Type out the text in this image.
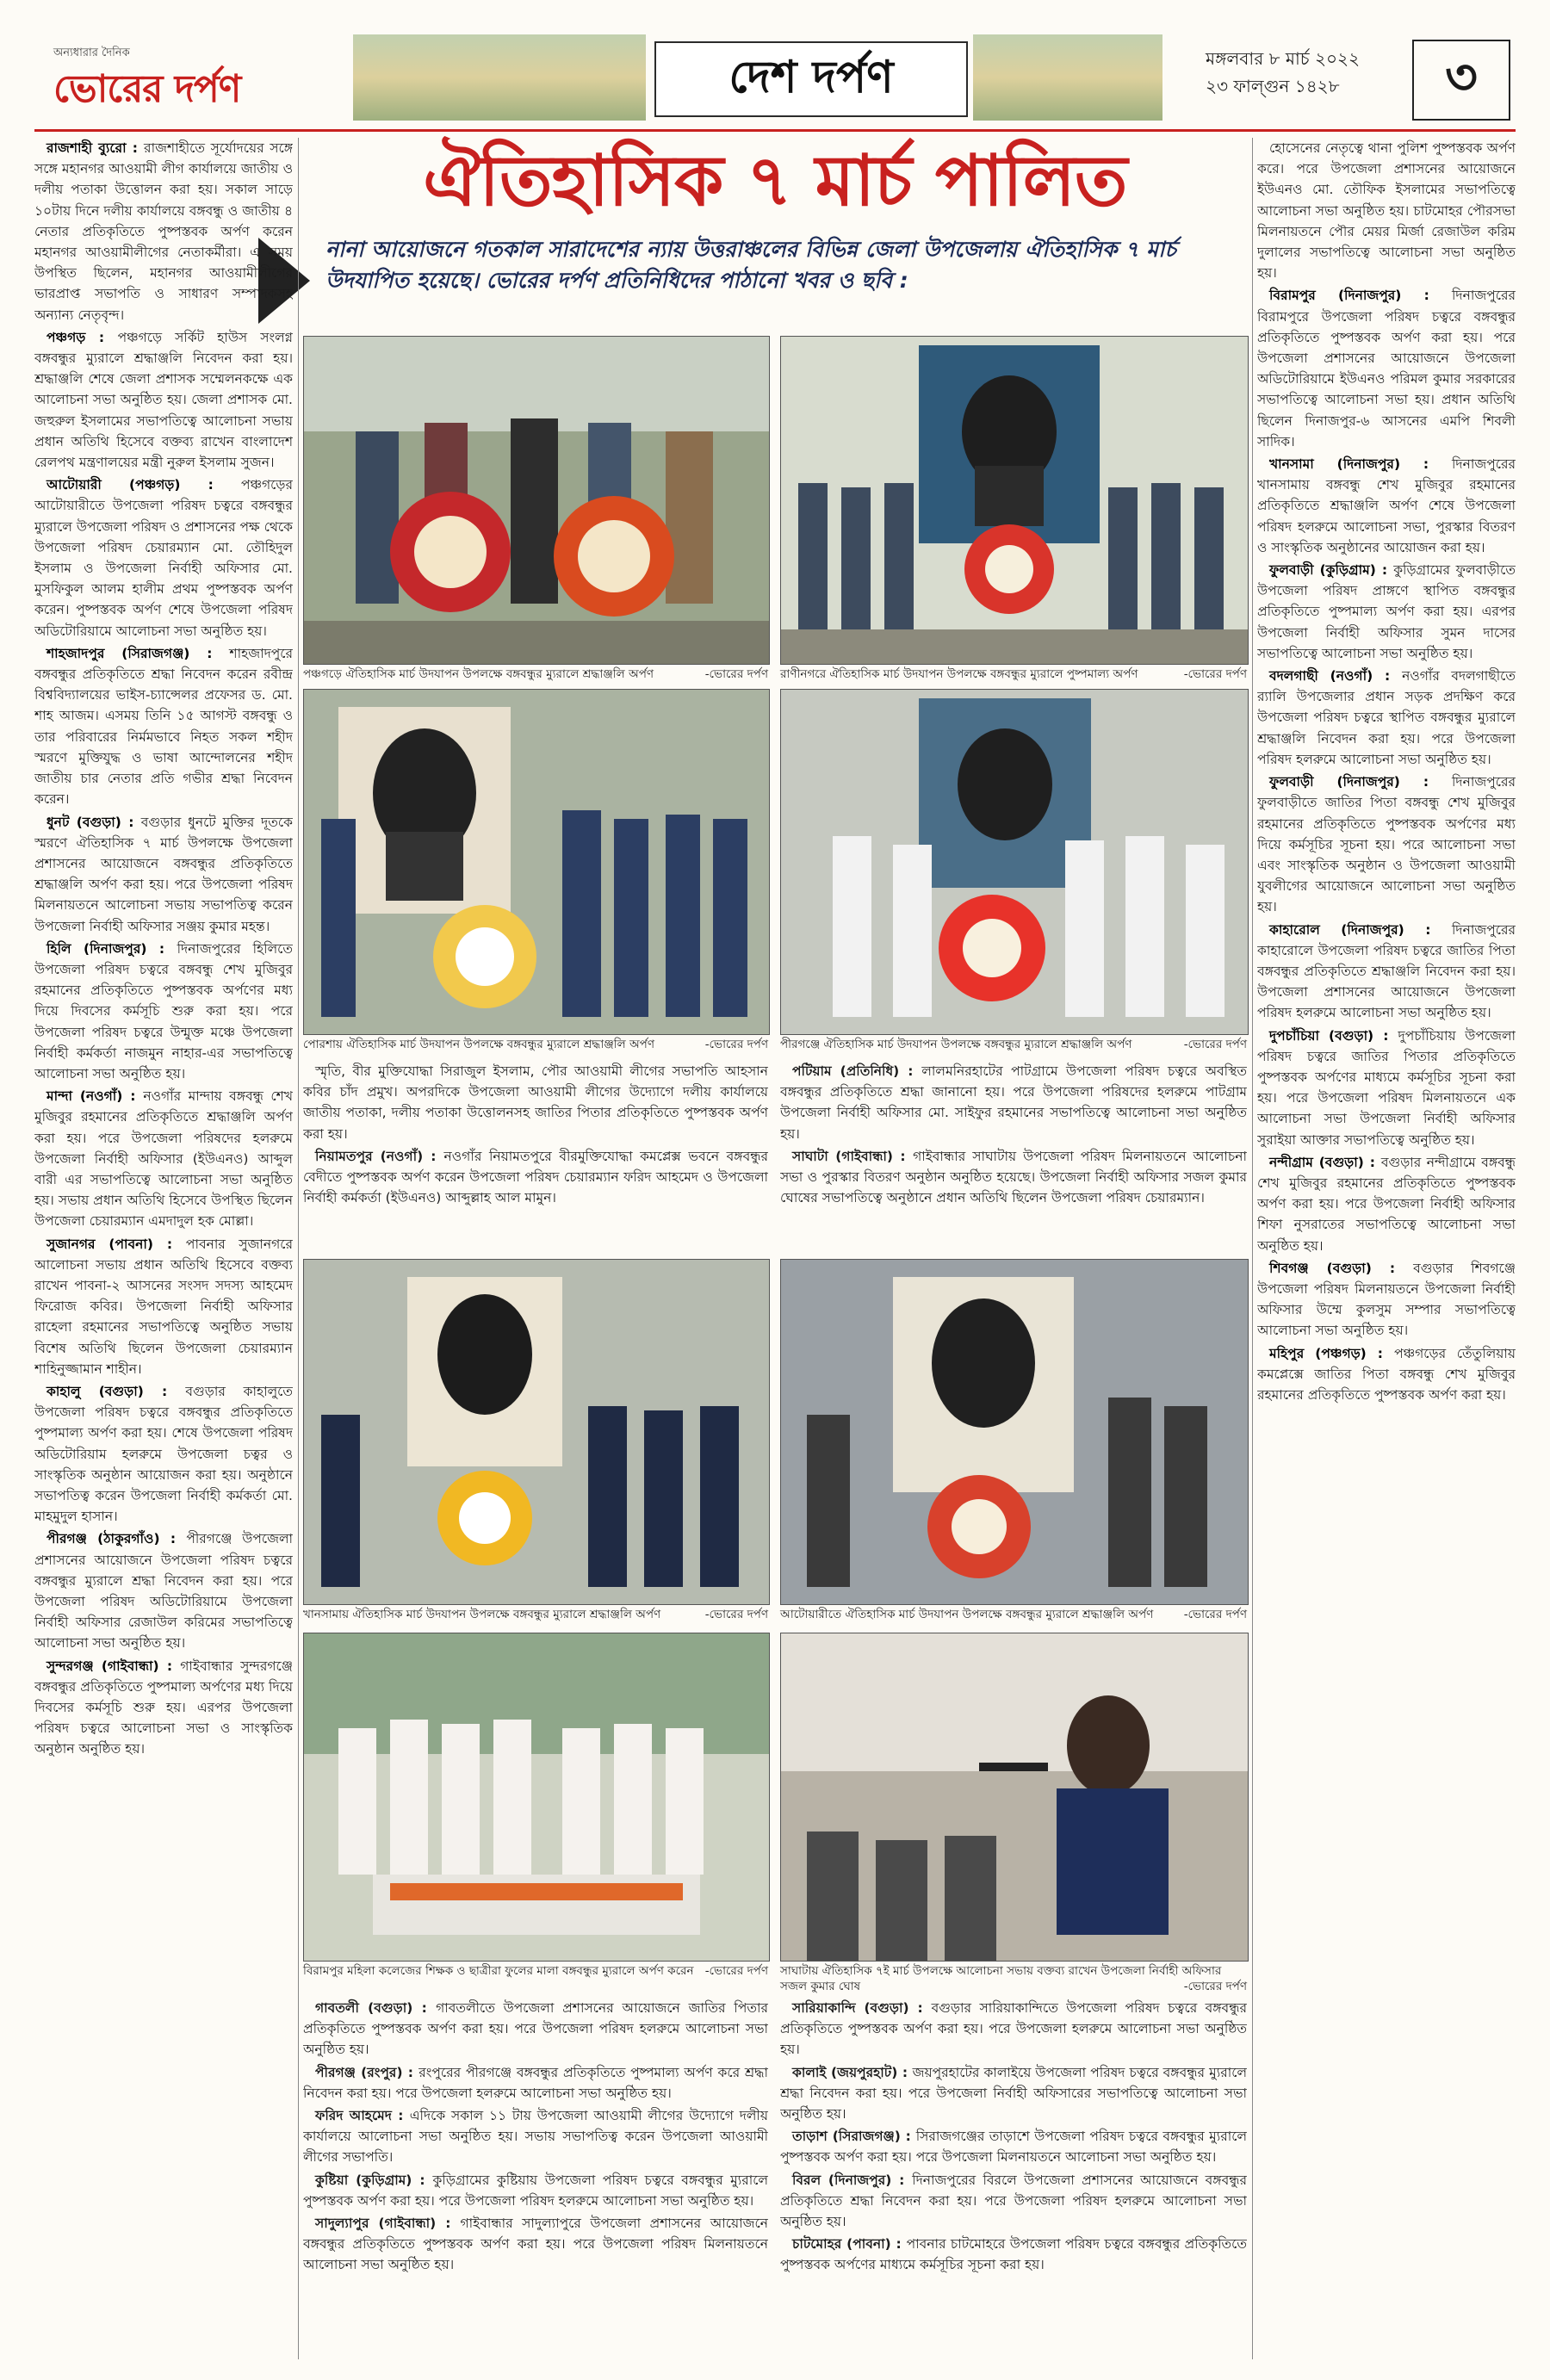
অন্যধারার দৈনিক
ভোরের দর্পণ	দেশ দর্পণ	মঙ্গলবার ৮ মার্চ ২০২২
২৩ ফাল্গুন ১৪২৮	৩
ঐতিহাসিক ৭ মার্চ পালিত

নানা আয়োজনে গতকাল সারাদেশের ন্যায় উত্তরাঞ্চলের বিভিন্ন জেলা উপজেলায় ঐতিহাসিক ৭ মার্চ উদযাপিত হয়েছে। ভোরের দর্পণ প্রতিনিধিদের পাঠানো খবর ও ছবি :

রাজশাহী ব্যুরো : রাজশাহীতে সূর্যোদয়ের সঙ্গে সঙ্গে মহানগর আওয়ামী লীগ কার্যালয়ে জাতীয় ও দলীয় পতাকা উত্তোলন করা হয়। সকাল সাড়ে ১০টায় দিনে দলীয় কার্যালয়ে বঙ্গবন্ধু ও জাতীয় ৪ নেতার প্রতিকৃতিতে পুষ্পস্তবক অর্পণ করেন মহানগর আওয়ামীলীগের নেতাকর্মীরা। এ সময় উপস্থিত ছিলেন, মহানগর আওয়ামীলীগের ভারপ্রাপ্ত সভাপতি ও সাধারণ সম্পাদকসহ অন্যান্য নেতৃবৃন্দ।

পঞ্চগড় : পঞ্চগড়ে সর্কিট হাউস সংলগ্ন বঙ্গবন্ধুর ম্যুরালে শ্রদ্ধাঞ্জলি নিবেদন করা হয়। শ্রদ্ধাঞ্জলি শেষে জেলা প্রশাসক সম্মেলনকক্ষে এক আলোচনা সভা অনুষ্ঠিত হয়। জেলা প্রশাসক মো. জহুরুল ইসলামের সভাপতিত্বে আলোচনা সভায় প্রধান অতিথি হিসেবে বক্তব্য রাখেন বাংলাদেশ রেলপথ মন্ত্রণালয়ের মন্ত্রী নুরুল ইসলাম সুজন।

আটোয়ারী (পঞ্চগড়) : পঞ্চগড়ের আটোয়ারীতে উপজেলা পরিষদ চত্বরে বঙ্গবন্ধুর ম্যুরালে উপজেলা পরিষদ ও প্রশাসনের পক্ষ থেকে উপজেলা পরিষদ চেয়ারম্যান মো. তৌহিদুল ইসলাম ও উপজেলা নির্বাহী অফিসার মো. মুসফিকুল আলম হালীম প্রথম পুষ্পস্তবক অর্পণ করেন। পুষ্পস্তবক অর্পণ শেষে উপজেলা পরিষদ অডিটোরিয়ামে আলোচনা সভা অনুষ্ঠিত হয়।

শাহজাদপুর (সিরাজগঞ্জ) : শাহজাদপুরে বঙ্গবন্ধুর প্রতিকৃতিতে শ্রদ্ধা নিবেদন করেন রবীন্দ্র বিশ্ববিদ্যালয়ের ভাইস-চ্যান্সেলর প্রফেসর ড. মো. শাহ আজম। এসময় তিনি ১৫ আগস্ট বঙ্গবন্ধু ও তার পরিবারের নির্মমভাবে নিহত সকল শহীদ স্মরণে মুক্তিযুদ্ধ ও ভাষা আন্দোলনের শহীদ জাতীয় চার নেতার প্রতি গভীর শ্রদ্ধা নিবেদন করেন।

ধুনট (বগুড়া) : বগুড়ার ধুনটে মুক্তির দূতকে স্মরণে ঐতিহাসিক ৭ মার্চ উপলক্ষে উপজেলা প্রশাসনের আয়োজনে বঙ্গবন্ধুর প্রতিকৃতিতে শ্রদ্ধাঞ্জলি অর্পণ করা হয়। পরে উপজেলা পরিষদ মিলনায়তনে আলোচনা সভায় সভাপতিত্ব করেন উপজেলা নির্বাহী অফিসার সঞ্জয় কুমার মহন্ত।

হিলি (দিনাজপুর) : দিনাজপুরের হিলিতে উপজেলা পরিষদ চত্বরে বঙ্গবন্ধু শেখ মুজিবুর রহমানের প্রতিকৃতিতে পুষ্পস্তবক অর্পণের মধ্য দিয়ে দিবসের কর্মসূচি শুরু করা হয়। পরে উপজেলা পরিষদ চত্বরে উন্মুক্ত মঞ্চে উপজেলা নির্বাহী কর্মকর্তা নাজমুন নাহার-এর সভাপতিত্বে আলোচনা সভা অনুষ্ঠিত হয়।

মান্দা (নওগাঁ) : নওগাঁর মান্দায় বঙ্গবন্ধু শেখ মুজিবুর রহমানের প্রতিকৃতিতে শ্রদ্ধাঞ্জলি অর্পণ করা হয়। পরে উপজেলা পরিষদের হলরুমে উপজেলা নির্বাহী অফিসার (ইউএনও) আব্দুল বারী এর সভাপতিত্বে আলোচনা সভা অনুষ্ঠিত হয়। সভায় প্রধান অতিথি হিসেবে উপস্থিত ছিলেন উপজেলা চেয়ারম্যান এমদাদুল হক মোল্লা।

সুজানগর (পাবনা) : পাবনার সুজানগরে আলোচনা সভায় প্রধান অতিথি হিসেবে বক্তব্য রাখেন পাবনা-২ আসনের সংসদ সদস্য আহমেদ ফিরোজ কবির। উপজেলা নির্বাহী অফিসার রাহেলা রহমানের সভাপতিত্বে অনুষ্ঠিত সভায় বিশেষ অতিথি ছিলেন উপজেলা চেয়ারম্যান শাহিনুজ্জামান শাহীন।

কাহালু (বগুড়া) : বগুড়ার কাহালুতে উপজেলা পরিষদ চত্বরে বঙ্গবন্ধুর প্রতিকৃতিতে পুষ্পমাল্য অর্পণ করা হয়। শেষে উপজেলা পরিষদ অডিটোরিয়াম হলরুমে উপজেলা চত্বর ও সাংস্কৃতিক অনুষ্ঠান আয়োজন করা হয়। অনুষ্ঠানে সভাপতিত্ব করেন উপজেলা নির্বাহী কর্মকর্তা মো. মাহমুদুল হাসান।

পীরগঞ্জ (ঠাকুরগাঁও) : পীরগঞ্জে উপজেলা প্রশাসনের আয়োজনে উপজেলা পরিষদ চত্বরে বঙ্গবন্ধুর ম্যুরালে শ্রদ্ধা নিবেদন করা হয়। পরে উপজেলা পরিষদ অডিটোরিয়ামে উপজেলা নির্বাহী অফিসার রেজাউল করিমের সভাপতিত্বে আলোচনা সভা অনুষ্ঠিত হয়।

সুন্দরগঞ্জ (গাইবান্ধা) : গাইবান্ধার সুন্দরগঞ্জে বঙ্গবন্ধুর প্রতিকৃতিতে পুষ্পমাল্য অর্পণের মধ্য দিয়ে দিবসের কর্মসূচি শুরু হয়। এরপর উপজেলা পরিষদ চত্বরে আলোচনা সভা ও সাংস্কৃতিক অনুষ্ঠান অনুষ্ঠিত হয়।

হোসেনের নেতৃত্বে থানা পুলিশ পুষ্পস্তবক অর্পণ করে। পরে উপজেলা প্রশাসনের আয়োজনে ইউএনও মো. তৌফিক ইসলামের সভাপতিত্বে আলোচনা সভা অনুষ্ঠিত হয়। চাটমোহর পৌরসভা মিলনায়তনে পৌর মেয়র মির্জা রেজাউল করিম দুলালের সভাপতিত্বে আলোচনা সভা অনুষ্ঠিত হয়।

বিরামপুর (দিনাজপুর) : দিনাজপুরের বিরামপুরে উপজেলা পরিষদ চত্বরে বঙ্গবন্ধুর প্রতিকৃতিতে পুষ্পস্তবক অর্পণ করা হয়। পরে উপজেলা প্রশাসনের আয়োজনে উপজেলা অডিটোরিয়ামে ইউএনও পরিমল কুমার সরকারের সভাপতিত্বে আলোচনা সভা হয়। প্রধান অতিথি ছিলেন দিনাজপুর-৬ আসনের এমপি শিবলী সাদিক।

খানসামা (দিনাজপুর) : দিনাজপুরের খানসামায় বঙ্গবন্ধু শেখ মুজিবুর রহমানের প্রতিকৃতিতে শ্রদ্ধাঞ্জলি অর্পণ শেষে উপজেলা পরিষদ হলরুমে আলোচনা সভা, পুরস্কার বিতরণ ও সাংস্কৃতিক অনুষ্ঠানের আয়োজন করা হয়।

ফুলবাড়ী (কুড়িগ্রাম) : কুড়িগ্রামের ফুলবাড়ীতে উপজেলা পরিষদ প্রাঙ্গণে স্থাপিত বঙ্গবন্ধুর প্রতিকৃতিতে পুষ্পমাল্য অর্পণ করা হয়। এরপর উপজেলা নির্বাহী অফিসার সুমন দাসের সভাপতিত্বে আলোচনা সভা অনুষ্ঠিত হয়।

বদলগাছী (নওগাঁ) : নওগাঁর বদলগাছীতে র‍্যালি উপজেলার প্রধান সড়ক প্রদক্ষিণ করে উপজেলা পরিষদ চত্বরে স্থাপিত বঙ্গবন্ধুর ম্যুরালে শ্রদ্ধাঞ্জলি নিবেদন করা হয়। পরে উপজেলা পরিষদ হলরুমে আলোচনা সভা অনুষ্ঠিত হয়।

ফুলবাড়ী (দিনাজপুর) : দিনাজপুরের ফুলবাড়ীতে জাতির পিতা বঙ্গবন্ধু শেখ মুজিবুর রহমানের প্রতিকৃতিতে পুষ্পস্তবক অর্পণের মধ্য দিয়ে কর্মসূচির সূচনা হয়। পরে আলোচনা সভা এবং সাংস্কৃতিক অনুষ্ঠান ও উপজেলা আওয়ামী যুবলীগের আয়োজনে আলোচনা সভা অনুষ্ঠিত হয়।

কাহারোল (দিনাজপুর) : দিনাজপুরের কাহারোলে উপজেলা পরিষদ চত্বরে জাতির পিতা বঙ্গবন্ধুর প্রতিকৃতিতে শ্রদ্ধাঞ্জলি নিবেদন করা হয়। উপজেলা প্রশাসনের আয়োজনে উপজেলা পরিষদ হলরুমে আলোচনা সভা অনুষ্ঠিত হয়।

দুপচাঁচিয়া (বগুড়া) : দুপচাঁচিয়ায় উপজেলা পরিষদ চত্বরে জাতির পিতার প্রতিকৃতিতে পুষ্পস্তবক অর্পণের মাধ্যমে কর্মসূচির সূচনা করা হয়। পরে উপজেলা পরিষদ মিলনায়তনে এক আলোচনা সভা উপজেলা নির্বাহী অফিসার সুরাইয়া আক্তার সভাপতিত্বে অনুষ্ঠিত হয়।

নন্দীগ্রাম (বগুড়া) : বগুড়ার নন্দীগ্রামে বঙ্গবন্ধু শেখ মুজিবুর রহমানের প্রতিকৃতিতে পুষ্পস্তবক অর্পণ করা হয়। পরে উপজেলা নির্বাহী অফিসার শিফা নুসরাতের সভাপতিত্বে আলোচনা সভা অনুষ্ঠিত হয়।

শিবগঞ্জ (বগুড়া) : বগুড়ার শিবগঞ্জে উপজেলা পরিষদ মিলনায়তনে উপজেলা নির্বাহী অফিসার উম্মে কুলসুম সম্পার সভাপতিত্বে আলোচনা সভা অনুষ্ঠিত হয়।

মহিপুর (পঞ্চগড়) : পঞ্চগড়ের তেঁতুলিয়ায় কমপ্লেক্সে জাতির পিতা বঙ্গবন্ধু শেখ মুজিবুর রহমানের প্রতিকৃতিতে পুষ্পস্তবক অর্পণ করা হয়।

পঞ্চগড়ে ঐতিহাসিক মার্চ উদযাপন উপলক্ষে বঙ্গবন্ধুর ম্যুরালে শ্রদ্ধাঞ্জলি অর্পণ	-ভোরের দর্পণ রাণীনগরে ঐতিহাসিক মার্চ উদযাপন উপলক্ষে বঙ্গবন্ধুর ম্যুরালে পুষ্পমাল্য অর্পণ	-ভোরের দর্পণ
পোরশায় ঐতিহাসিক মার্চ উদযাপন উপলক্ষে বঙ্গবন্ধুর ম্যুরালে শ্রদ্ধাঞ্জলি অর্পণ	-ভোরের দর্পণ পীরগঞ্জে ঐতিহাসিক মার্চ উদযাপন উপলক্ষে বঙ্গবন্ধুর ম্যুরালে শ্রদ্ধাঞ্জলি অর্পণ	-ভোরের দর্পণ

স্মৃতি, বীর মুক্তিযোদ্ধা সিরাজুল ইসলাম, পৌর আওয়ামী লীগের সভাপতি আহসান কবির চাঁদ প্রমুখ। অপরদিকে উপজেলা আওয়ামী লীগের উদ্যোগে দলীয় কার্যালয়ে জাতীয় পতাকা, দলীয় পতাকা উত্তোলনসহ জাতির পিতার প্রতিকৃতিতে পুষ্পস্তবক অর্পণ করা হয়।

নিয়ামতপুর (নওগাঁ) : নওগাঁর নিয়ামতপুরে বীরমুক্তিযোদ্ধা কমপ্লেক্স ভবনে বঙ্গবন্ধুর বেদীতে পুষ্পস্তবক অর্পণ করেন উপজেলা পরিষদ চেয়ারম্যান ফরিদ আহমেদ ও উপজেলা নির্বাহী কর্মকর্তা (ইউএনও) আব্দুল্লাহ আল মামুন।

পটিয়াম (প্রতিনিধি) : লালমনিরহাটের পাটগ্রামে উপজেলা পরিষদ চত্বরে অবস্থিত বঙ্গবন্ধুর প্রতিকৃতিতে শ্রদ্ধা জানানো হয়। পরে উপজেলা পরিষদের হলরুমে পাটগ্রাম উপজেলা নির্বাহী অফিসার মো. সাইফুর রহমানের সভাপতিত্বে আলোচনা সভা অনুষ্ঠিত হয়।

সাঘাটা (গাইবান্ধা) : গাইবান্ধার সাঘাটায় উপজেলা পরিষদ মিলনায়তনে আলোচনা সভা ও পুরস্কার বিতরণ অনুষ্ঠান অনুষ্ঠিত হয়েছে। উপজেলা নির্বাহী অফিসার সজল কুমার ঘোষের সভাপতিত্বে অনুষ্ঠানে প্রধান অতিথি ছিলেন উপজেলা পরিষদ চেয়ারম্যান।

খানসামায় ঐতিহাসিক মার্চ উদযাপন উপলক্ষে বঙ্গবন্ধুর ম্যুরালে শ্রদ্ধাঞ্জলি অর্পণ	-ভোরের দর্পণ আটোয়ারীতে ঐতিহাসিক মার্চ উদযাপন উপলক্ষে বঙ্গবন্ধুর ম্যুরালে শ্রদ্ধাঞ্জলি অর্পণ	-ভোরের দর্পণ
বিরামপুর মহিলা কলেজের শিক্ষক ও ছাত্রীরা ফুলের মালা বঙ্গবন্ধুর ম্যুরালে অর্পণ করেন -ভোরের দর্পণ সাঘাটায় ঐতিহাসিক ৭ই মার্চ উপলক্ষে আলোচনা সভায় বক্তব্য রাখেন উপজেলা নির্বাহী অফিসার সজল কুমার ঘোষ	-ভোরের দর্পণ

গাবতলী (বগুড়া) : গাবতলীতে উপজেলা প্রশাসনের আয়োজনে জাতির পিতার প্রতিকৃতিতে পুষ্পস্তবক অর্পণ করা হয়। পরে উপজেলা পরিষদ হলরুমে আলোচনা সভা অনুষ্ঠিত হয়।

পীরগঞ্জ (রংপুর) : রংপুরের পীরগঞ্জে বঙ্গবন্ধুর প্রতিকৃতিতে পুষ্পমাল্য অর্পণ করে শ্রদ্ধা নিবেদন করা হয়। পরে উপজেলা হলরুমে আলোচনা সভা অনুষ্ঠিত হয়।

ফরিদ আহমেদ : এদিকে সকাল ১১ টায় উপজেলা আওয়ামী লীগের উদ্যোগে দলীয় কার্যালয়ে আলোচনা সভা অনুষ্ঠিত হয়। সভায় সভাপতিত্ব করেন উপজেলা আওয়ামী লীগের সভাপতি।

কুষ্টিয়া (কুড়িগ্রাম) : কুড়িগ্রামের কুষ্টিয়ায় উপজেলা পরিষদ চত্বরে বঙ্গবন্ধুর ম্যুরালে পুষ্পস্তবক অর্পণ করা হয়। পরে উপজেলা পরিষদ হলরুমে আলোচনা সভা অনুষ্ঠিত হয়।

সাদুল্যাপুর (গাইবান্ধা) : গাইবান্ধার সাদুল্যাপুরে উপজেলা প্রশাসনের আয়োজনে বঙ্গবন্ধুর প্রতিকৃতিতে পুষ্পস্তবক অর্পণ করা হয়। পরে উপজেলা পরিষদ মিলনায়তনে আলোচনা সভা অনুষ্ঠিত হয়।

সারিয়াকান্দি (বগুড়া) : বগুড়ার সারিয়াকান্দিতে উপজেলা পরিষদ চত্বরে বঙ্গবন্ধুর প্রতিকৃতিতে পুষ্পস্তবক অর্পণ করা হয়। পরে উপজেলা হলরুমে আলোচনা সভা অনুষ্ঠিত হয়।

কালাই (জয়পুরহাট) : জয়পুরহাটের কালাইয়ে উপজেলা পরিষদ চত্বরে বঙ্গবন্ধুর ম্যুরালে শ্রদ্ধা নিবেদন করা হয়। পরে উপজেলা নির্বাহী অফিসারের সভাপতিত্বে আলোচনা সভা অনুষ্ঠিত হয়।

তাড়াশ (সিরাজগঞ্জ) : সিরাজগঞ্জের তাড়াশে উপজেলা পরিষদ চত্বরে বঙ্গবন্ধুর ম্যুরালে পুষ্পস্তবক অর্পণ করা হয়। পরে উপজেলা মিলনায়তনে আলোচনা সভা অনুষ্ঠিত হয়।

বিরল (দিনাজপুর) : দিনাজপুরের বিরলে উপজেলা প্রশাসনের আয়োজনে বঙ্গবন্ধুর প্রতিকৃতিতে শ্রদ্ধা নিবেদন করা হয়। পরে উপজেলা পরিষদ হলরুমে আলোচনা সভা অনুষ্ঠিত হয়।

চাটমোহর (পাবনা) : পাবনার চাটমোহরে উপজেলা পরিষদ চত্বরে বঙ্গবন্ধুর প্রতিকৃতিতে পুষ্পস্তবক অর্পণের মাধ্যমে কর্মসূচির সূচনা করা হয়।
